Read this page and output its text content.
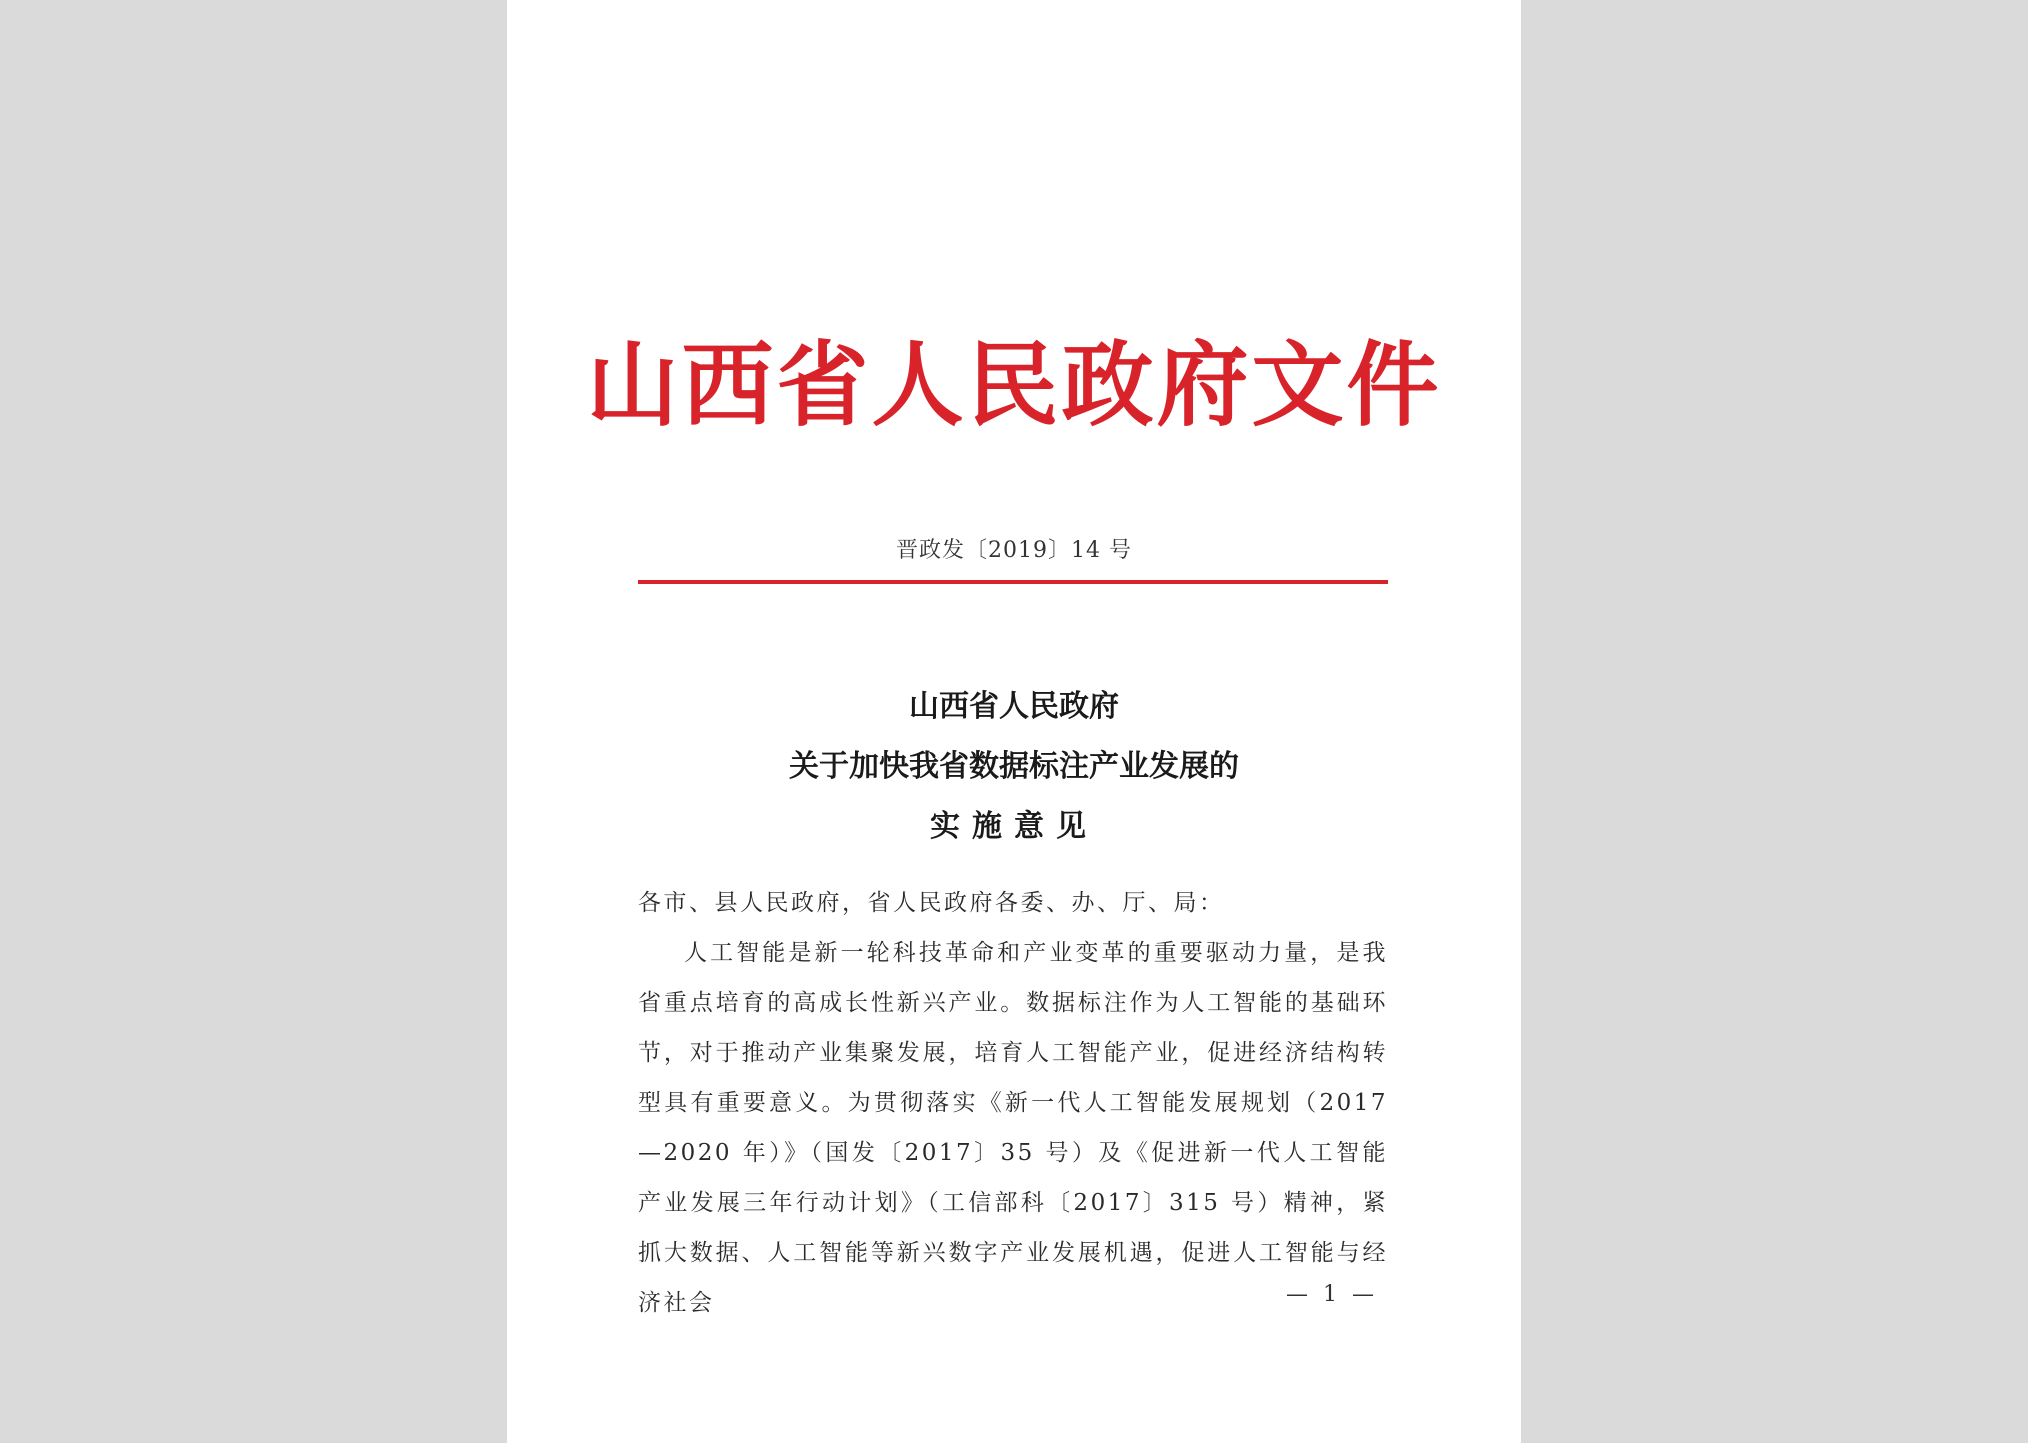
山西省人民政府文件
晋政发〔2019〕14 号
山西省人民政府
关于加快我省数据标注产业发展的
实施意见

各市、县人民政府，省人民政府各委、办、厅、局：

人工智能是新一轮科技革命和产业变革的重要驱动力量，是我省重点培育的高成长性新兴产业。数据标注作为人工智能的基础环节，对于推动产业集聚发展，培育人工智能产业，促进经济结构转型具有重要意义。为贯彻落实《新一代人工智能发展规划（2017—2020 年）》（国发〔2017〕35 号）及《促进新一代人工智能产业发展三年行动计划》（工信部科〔2017〕315 号）精神，紧抓大数据、人工智能等新兴数字产业发展机遇，促进人工智能与经济社会	— 1 —
